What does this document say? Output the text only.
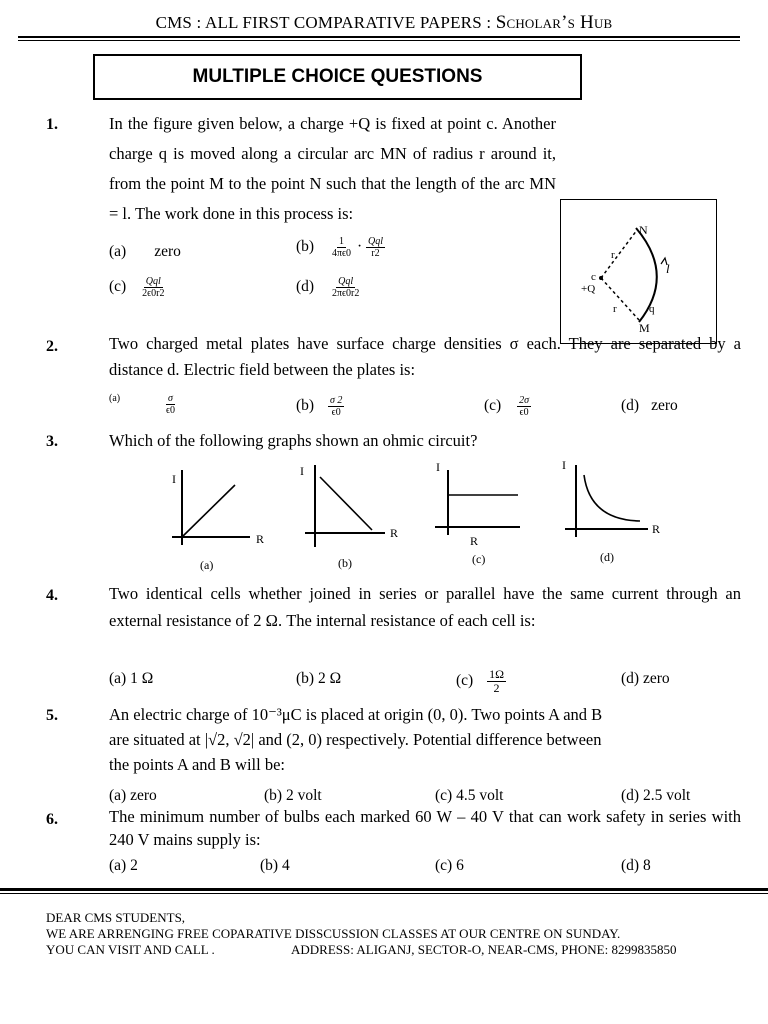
CMS : ALL FIRST COMPARATIVE PAPERS : Scholar’s Hub
MULTIPLE CHOICE QUESTIONS
1.	In the figure given below, a charge +Q is fixed at point c. Another charge q is moved along a circular arc MN of radius r around it, from the point M to the point N such that the length of the arc MN = l. The work done in this process is:
(a) zero	$(b) \frac{1}{4\pi\epsilon 0} \cdot \frac{\text{Qql}}{r2}$
$(c) \frac{\text{Qql}}{2\epsilon 0r2}$	$(d) \frac{\text{Qql}}{2\pi\epsilon 0r2}$
N
M
c
+Q
r
r	q
l
2.	Two charged metal plates have surface charge densities σ each. They are separated by a distance d. Electric field between the plates is:
$^{(a)}$	$\frac{\sigma}{\epsilon 0}$	$(b) \frac{\sigma 2}{\epsilon 0}$	$(c) \frac{2\sigma}{\epsilon 0}$	(d) zero
3.	Which of the following graphs shown an ohmic circuit?
I
R
(a)
I
R
(b)
I
R
(c)
I
R
(d)
4.	Two identical cells whether joined in series or parallel have the same current through an external resistance of 2 Ω. The internal resistance of each cell is:
(a) 1 Ω	(b) 2 Ω	$(c) \frac{1\Omega}{2}$	(d) zero
5.	An electric charge of 10⁻³μC is placed at origin (0, 0). Two points A and B
are situated at |√2, √2| and (2, 0) respectively. Potential difference between
the points A and B will be:
(a) zero	(b) 2 volt	(c) 4.5 volt	(d) 2.5 volt
6.	The minimum number of bulbs each marked 60 W – 40 V that can work safety in series with 240 V mains supply is:
(a) 2	(b) 4	(c) 6	(d) 8
DEAR CMS STUDENTS,
WE ARE ARRENGING FREE COPARATIVE DISSCUSSION CLASSES AT OUR CENTRE ON SUNDAY.
YOU CAN VISIT AND CALL .	ADDRESS: ALIGANJ, SECTOR-O, NEAR-CMS, PHONE: 8299835850
